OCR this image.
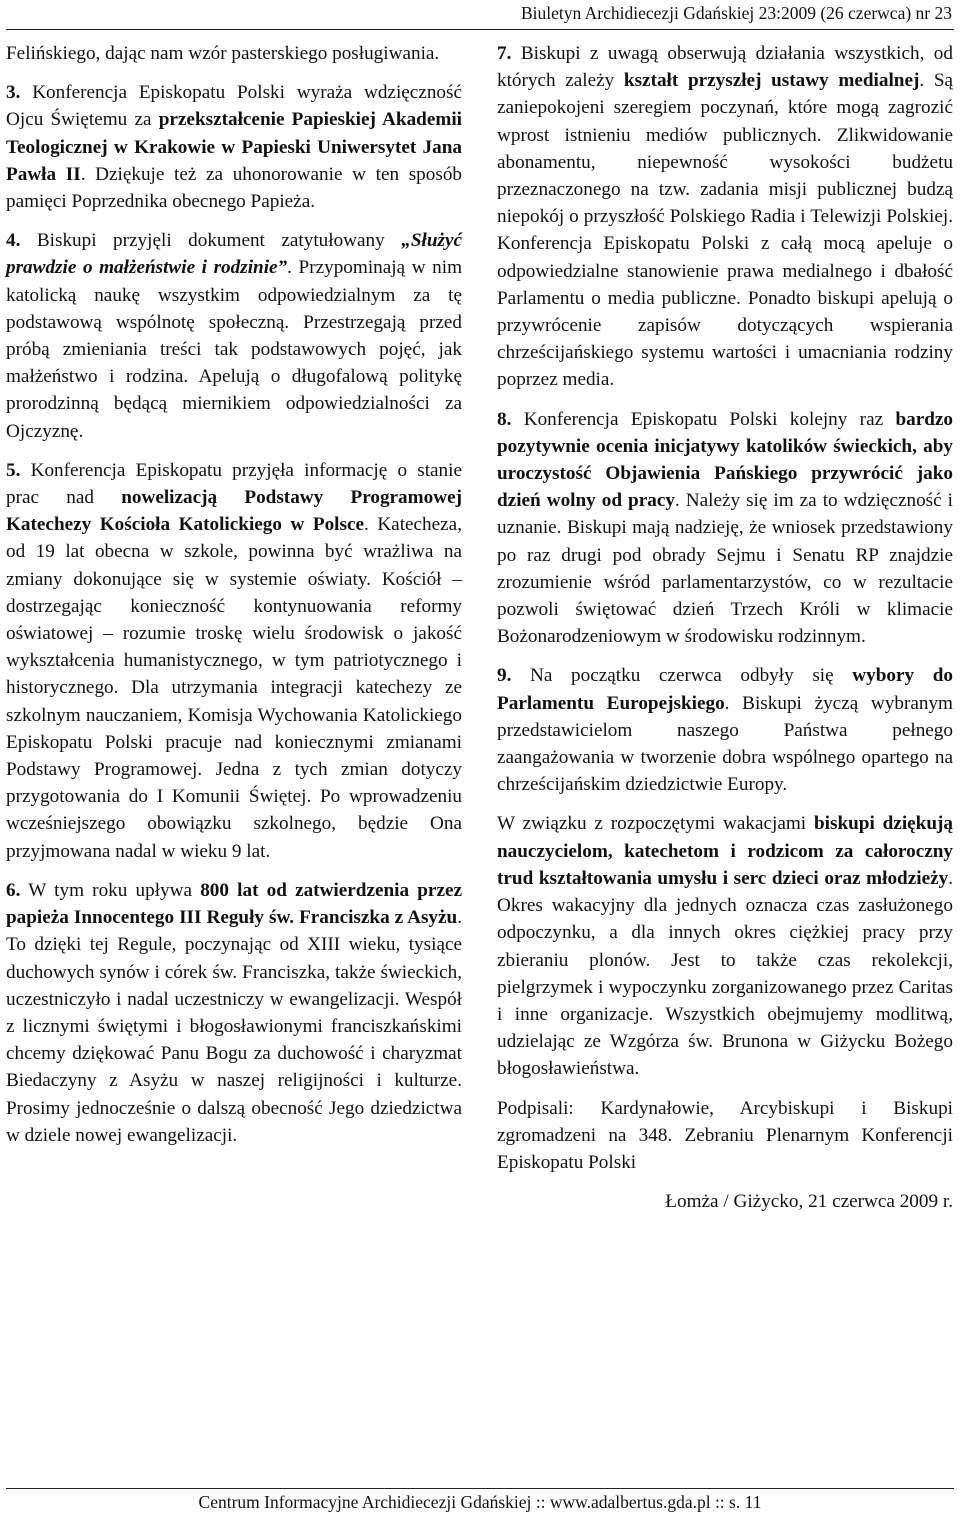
Biuletyn Archidiecezji Gdańskiej 23:2009 (26 czerwca) nr 23

Felińskiego, dając nam wzór pasterskiego posługiwania.

3. Konferencja Episkopatu Polski wyraża wdzięczność Ojcu Świętemu za przekształcenie Papieskiej Akademii Teologicznej w Krakowie w Papieski Uniwersytet Jana Pawła II. Dziękuje też za uhonorowanie w ten sposób pamięci Poprzednika obecnego Papieża.

4. Biskupi przyjęli dokument zatytułowany „Służyć prawdzie o małżeństwie i rodzinie”. Przypominają w nim katolicką naukę wszystkim odpowiedzialnym za tę podstawową wspólnotę społeczną. Przestrzegają przed próbą zmieniania treści tak podstawowych pojęć, jak małżeństwo i rodzina. Apelują o długofalową politykę prorodzinną będącą miernikiem odpowiedzialności za Ojczyznę.

5. Konferencja Episkopatu przyjęła informację o stanie prac nad nowelizacją Podstawy Programowej Katechezy Kościoła Katolickiego w Polsce. Katecheza, od 19 lat obecna w szkole, powinna być wrażliwa na zmiany dokonujące się w systemie oświaty. Kościół – dostrzegając konieczność kontynuowania reformy oświatowej – rozumie troskę wielu środowisk o jakość wykształcenia humanistycznego, w tym patriotycznego i historycznego. Dla utrzymania integracji katechezy ze szkolnym nauczaniem, Komisja Wychowania Katolickiego Episkopatu Polski pracuje nad koniecznymi zmianami Podstawy Programowej. Jedna z tych zmian dotyczy przygotowania do I Komunii Świętej. Po wprowadzeniu wcześniejszego obowiązku szkolnego, będzie Ona przyjmowana nadal w wieku 9 lat.

6. W tym roku upływa 800 lat od zatwierdzenia przez papieża Innocentego III Reguły św. Franciszka z Asyżu. To dzięki tej Regule, poczynając od XIII wieku, tysiące duchowych synów i córek św. Franciszka, także świeckich, uczestniczyło i nadal uczestniczy w ewangelizacji. Wespół z licznymi świętymi i błogosławionymi franciszkańskimi chcemy dziękować Panu Bogu za duchowość i charyzmat Biedaczyny z Asyżu w naszej religijności i kulturze. Prosimy jednocześnie o dalszą obecność Jego dziedzictwa w dziele nowej ewangelizacji.

7. Biskupi z uwagą obserwują działania wszystkich, od których zależy kształt przyszłej ustawy medialnej. Są zaniepokojeni szeregiem poczynań, które mogą zagrozić wprost istnieniu mediów publicznych. Zlikwidowanie abonamentu, niepewność wysokości budżetu przeznaczonego na tzw. zadania misji publicznej budzą niepokój o przyszłość Polskiego Radia i Telewizji Polskiej. Konferencja Episkopatu Polski z całą mocą apeluje o odpowiedzialne stanowienie prawa medialnego i dbałość Parlamentu o media publiczne. Ponadto biskupi apelują o przywrócenie zapisów dotyczących wspierania chrześcijańskiego systemu wartości i umacniania rodziny poprzez media.

8. Konferencja Episkopatu Polski kolejny raz bardzo pozytywnie ocenia inicjatywy katolików świeckich, aby uroczystość Objawienia Pańskiego przywrócić jako dzień wolny od pracy. Należy się im za to wdzięczność i uznanie. Biskupi mają nadzieję, że wniosek przedstawiony po raz drugi pod obrady Sejmu i Senatu RP znajdzie zrozumienie wśród parlamentarzystów, co w rezultacie pozwoli świętować dzień Trzech Króli w klimacie Bożonarodzeniowym w środowisku rodzinnym.

9. Na początku czerwca odbyły się wybory do Parlamentu Europejskiego. Biskupi życzą wybranym przedstawicielom naszego Państwa pełnego zaangażowania w tworzenie dobra wspólnego opartego na chrześcijańskim dziedzictwie Europy.

W związku z rozpoczętymi wakacjami biskupi dziękują nauczycielom, katechetom i rodzicom za całoroczny trud kształtowania umysłu i serc dzieci oraz młodzieży. Okres wakacyjny dla jednych oznacza czas zasłużonego odpoczynku, a dla innych okres ciężkiej pracy przy zbieraniu plonów. Jest to także czas rekolekcji, pielgrzymek i wypoczynku zorganizowanego przez Caritas i inne organizacje. Wszystkich obejmujemy modlitwą, udzielając ze Wzgórza św. Brunona w Giżycku Bożego błogosławieństwa.

Podpisali: Kardynałowie, Arcybiskupi i Biskupi zgromadzeni na 348. Zebraniu Plenarnym Konferencji Episkopatu Polski

Łomża / Giżycko, 21 czerwca 2009 r.

Centrum Informacyjne Archidiecezji Gdańskiej :: www.adalbertus.gda.pl :: s. 11
